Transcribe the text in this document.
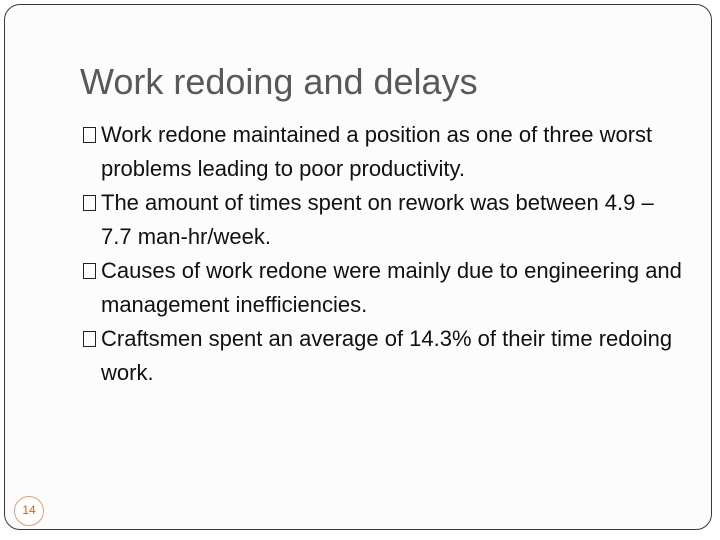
Work redoing and delays
Work redone maintained a position as one of three worst problems leading to poor productivity.
The amount of times spent on rework was between 4.9 – 7.7 man-hr/week.
Causes of work redone were mainly due to engineering and management inefficiencies.
Craftsmen spent an average of 14.3% of their time redoing work.
14
